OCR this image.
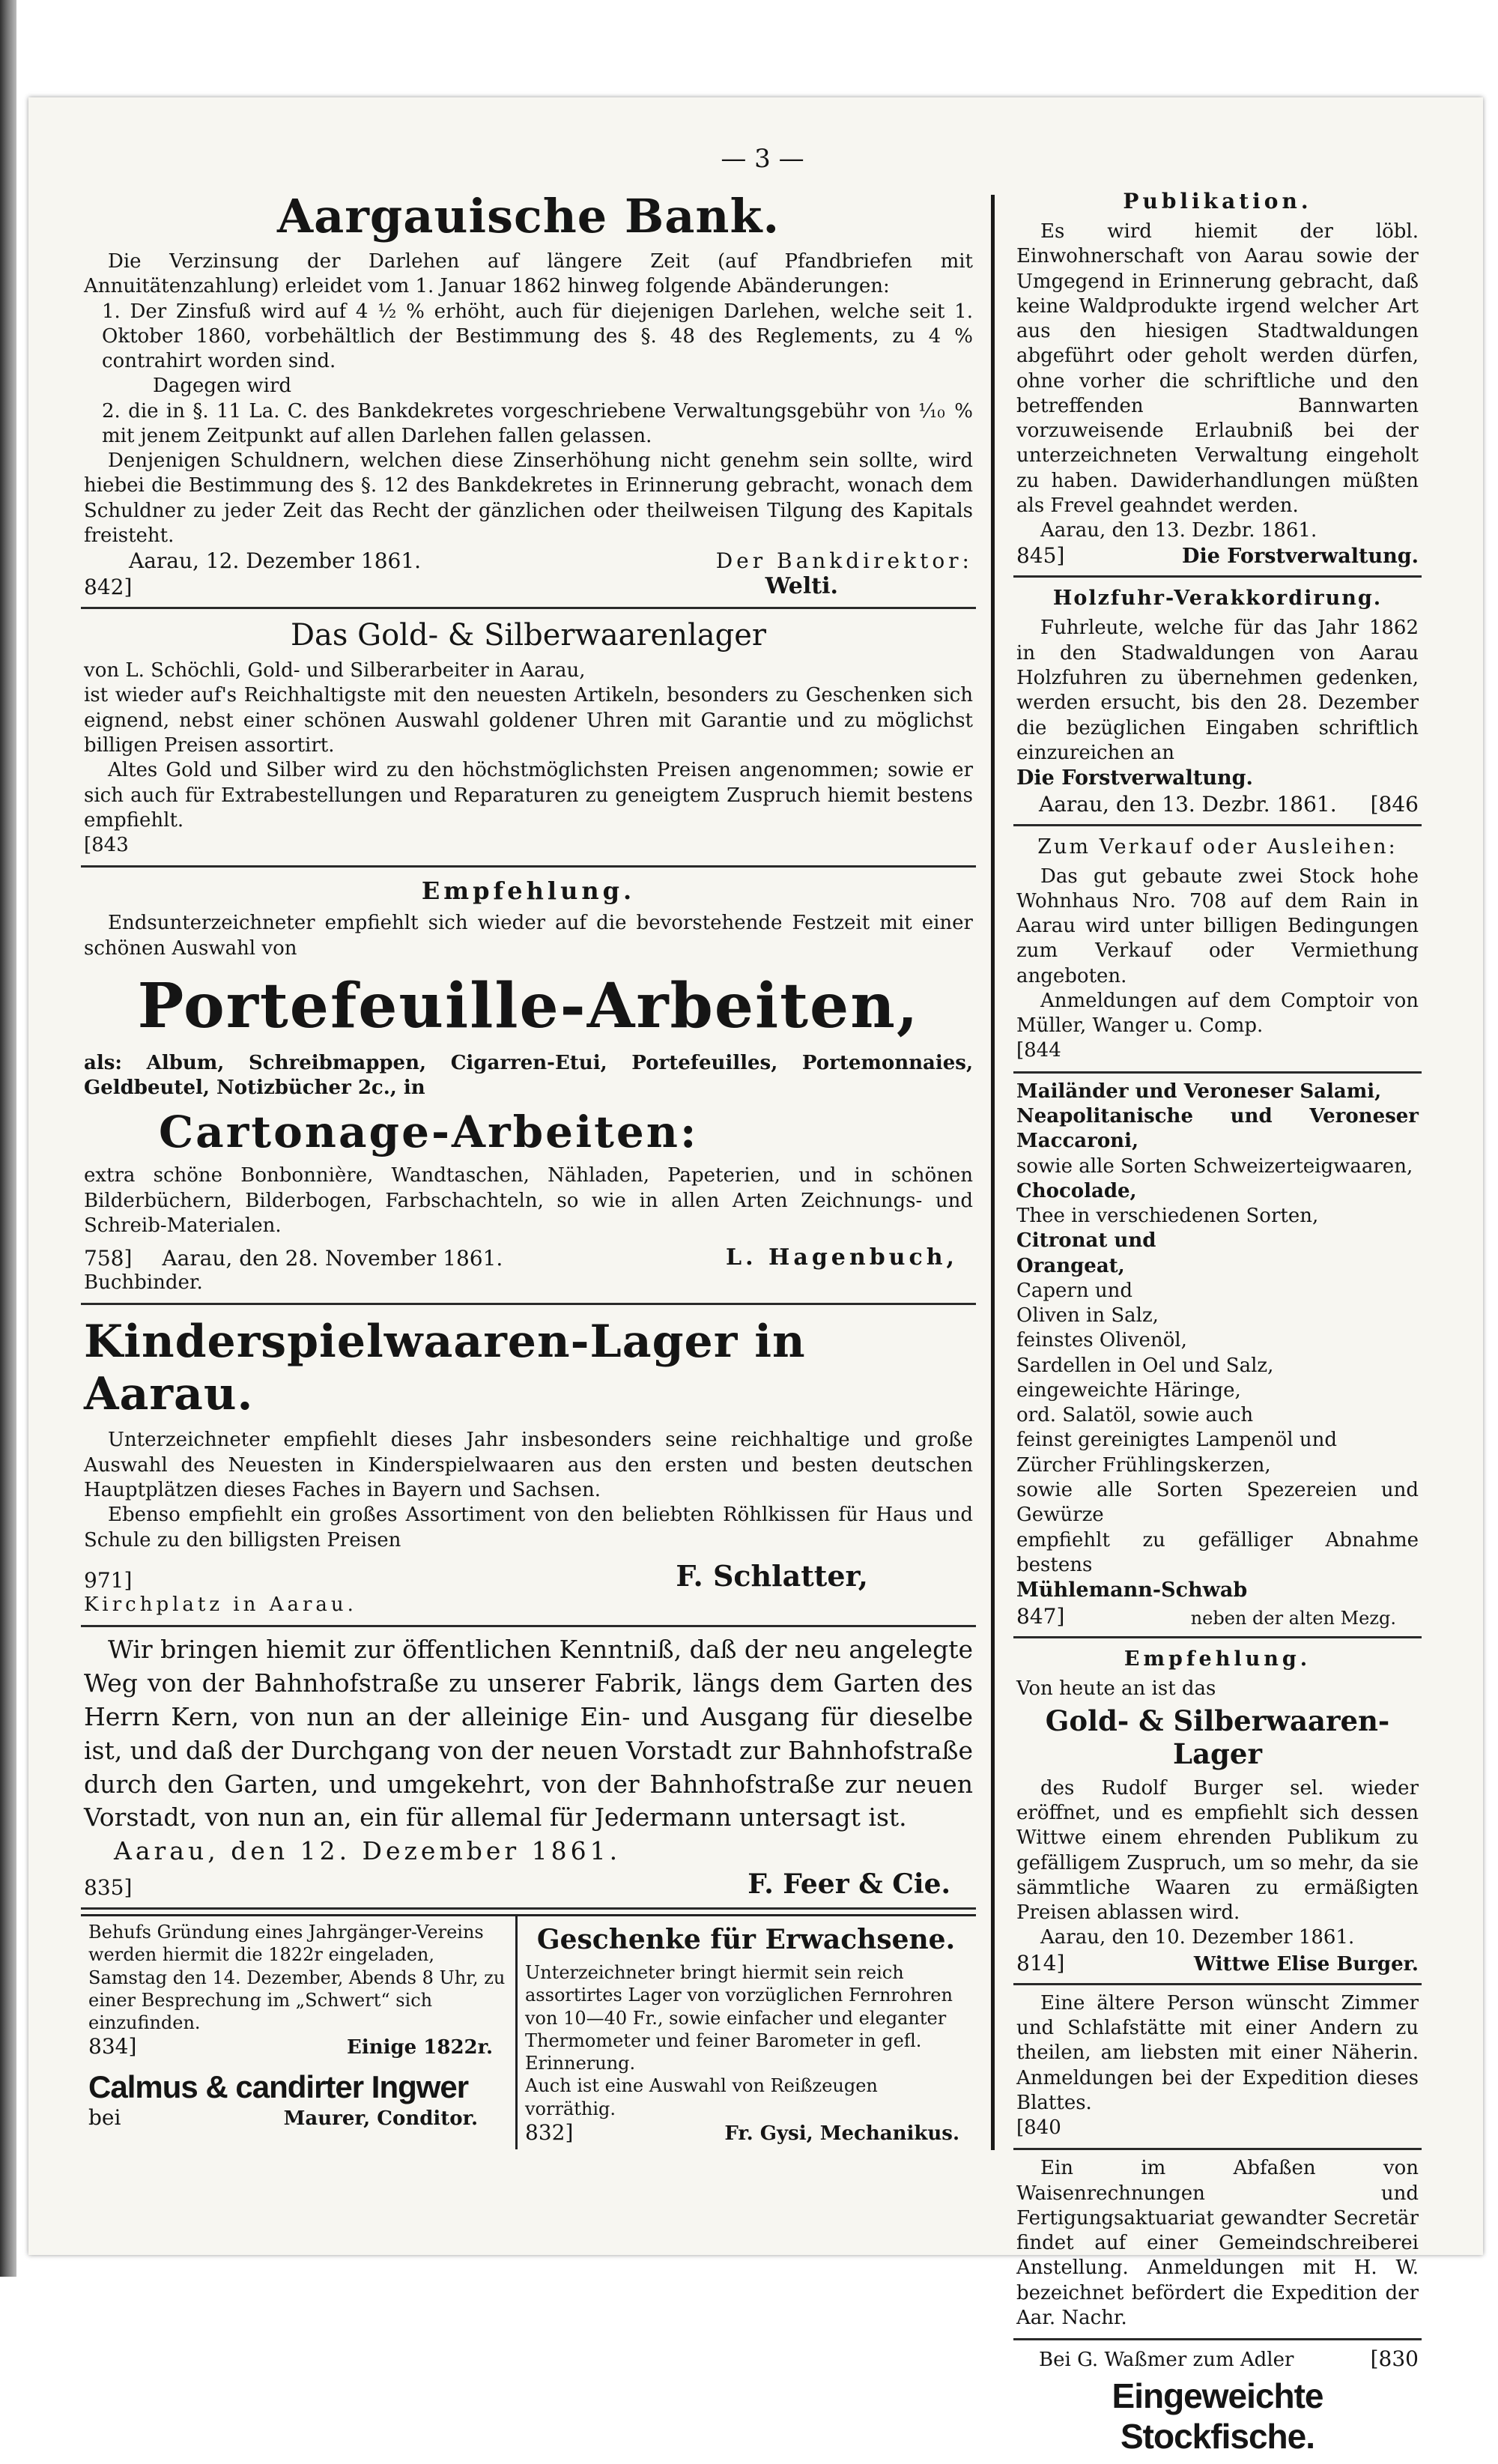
— 3 —
Aargauische Bank.

Die Verzinsung der Darlehen auf längere Zeit (auf Pfandbriefen mit Annuitätenzahlung) erleidet vom 1. Januar 1862 hinweg folgende Abänderungen:

1. Der Zinsfuß wird auf 4 ½ % erhöht, auch für diejenigen Darlehen, welche seit 1. Oktober 1860, vorbehältlich der Bestimmung des §. 48 des Reglements, zu 4 % contrahirt worden sind.

Dagegen wird

2. die in §. 11 La. C. des Bankdekretes vorgeschriebene Verwaltungsgebühr von ⅒ % mit jenem Zeitpunkt auf allen Darlehen fallen gelassen.

Denjenigen Schuldnern, welchen diese Zinserhöhung nicht genehm sein sollte, wird hiebei die Bestimmung des §. 12 des Bankdekretes in Erinnerung gebracht, wonach dem Schuldner zu jeder Zeit das Recht der gänzlichen oder theilweisen Tilgung des Kapitals freisteht.

Aarau, 12. Dezember 1861.	Der Bankdirektor:
842]	Welti.
Das Gold- & Silberwaarenlager

von L. Schöchli, Gold- und Silberarbeiter in Aarau,

ist wieder auf's Reichhaltigste mit den neuesten Artikeln, besonders zu Geschenken sich eignend, nebst einer schönen Auswahl goldener Uhren mit Garantie und zu möglichst billigen Preisen assortirt.

Altes Gold und Silber wird zu den höchstmöglichsten Preisen angenommen; sowie er sich auch für Extrabestellungen und Reparaturen zu geneigtem Zuspruch hiemit bestens empfiehlt.

[843

Empfehlung.

Endsunterzeichneter empfiehlt sich wieder auf die bevorstehende Festzeit mit einer schönen Auswahl von

Portefeuille-Arbeiten,

als: Album, Schreibmappen, Cigarren-Etui, Portefeuilles, Portemonnaies, Geldbeutel, Notizbücher 2c., in

Cartonage-Arbeiten:

extra schöne Bonbonnière, Wandtaschen, Nähladen, Papeterien, und in schönen Bilderbüchern, Bilderbogen, Farbschachteln, so wie in allen Arten Zeichnungs- und Schreib-Materialen.

758]	Aarau, den 28. November 1861.	L. Hagenbuch,

Buchbinder.

Kinderspielwaaren-Lager in Aarau.

Unterzeichneter empfiehlt dieses Jahr insbesonders seine reichhaltige und große Auswahl des Neuesten in Kinderspielwaaren aus den ersten und besten deutschen Hauptplätzen dieses Faches in Bayern und Sachsen.

Ebenso empfiehlt ein großes Assortiment von den beliebten Röhlkissen für Haus und Schule zu den billigsten Preisen

971]	F. Schlatter,

Kirchplatz in Aarau.

Wir bringen hiemit zur öffentlichen Kenntniß, daß der neu angelegte Weg von der Bahnhofstraße zu unserer Fabrik, längs dem Garten des Herrn Kern, von nun an der alleinige Ein- und Ausgang für dieselbe ist, und daß der Durchgang von der neuen Vorstadt zur Bahnhofstraße durch den Garten, und umgekehrt, von der Bahnhofstraße zur neuen Vorstadt, von nun an, ein für allemal für Jedermann untersagt ist.

Aarau, den 12. Dezember 1861.

835]	F. Feer & Cie.

Behufs Gründung eines Jahrgänger-Vereins werden hiermit die 1822r eingeladen, Samstag den 14. Dezember, Abends 8 Uhr, zu einer Besprechung im „Schwert“ sich einzufinden.

834]	Einige 1822r.
Calmus & candirter Ingwer
bei	Maurer, Conditor.
Geschenke für Erwachsene.

Unterzeichneter bringt hiermit sein reich assortirtes Lager von vorzüglichen Fernrohren von 10—40 Fr., sowie einfacher und eleganter Thermometer und feiner Barometer in gefl. Erinnerung.

Auch ist eine Auswahl von Reißzeugen vorräthig.

832]	Fr. Gysi, Mechanikus.
Publikation.

Es wird hiemit der löbl. Einwohnerschaft von Aarau sowie der Umgegend in Erinnerung gebracht, daß keine Waldprodukte irgend welcher Art aus den hiesigen Stadtwaldungen abgeführt oder geholt werden dürfen, ohne vorher die schriftliche und den betreffenden Bannwarten vorzuweisende Erlaubniß bei der unterzeichneten Verwaltung eingeholt zu haben. Dawiderhandlungen müßten als Frevel geahndet werden.

Aarau, den 13. Dezbr. 1861.

845]	Die Forstverwaltung.
Holzfuhr-Verakkordirung.

Fuhrleute, welche für das Jahr 1862 in den Stadwaldungen von Aarau Holzfuhren zu übernehmen gedenken, werden ersucht, bis den 28. Dezember die bezüglichen Eingaben schriftlich einzureichen an

Die Forstverwaltung.

Aarau, den 13. Dezbr. 1861. [846
Zum Verkauf oder Ausleihen:

Das gut gebaute zwei Stock hohe Wohnhaus Nro. 708 auf dem Rain in Aarau wird unter billigen Bedingungen zum Verkauf oder Vermiethung angeboten.

Anmeldungen auf dem Comptoir von Müller, Wanger u. Comp.

[844

Mailänder und Veroneser Salami,

Neapolitanische und Veroneser Maccaroni,

sowie alle Sorten Schweizerteigwaaren,

Chocolade,

Thee in verschiedenen Sorten,

Citronat und

Orangeat,

Capern und

Oliven in Salz,

feinstes Olivenöl,

Sardellen in Oel und Salz,

eingeweichte Häringe,

ord. Salatöl, sowie auch

feinst gereinigtes Lampenöl und

Zürcher Frühlingskerzen,

sowie alle Sorten Spezereien und Gewürze

empfiehlt zu gefälliger Abnahme bestens

Mühlemann-Schwab

847]	neben der alten Mezg.
Empfehlung.

Von heute an ist das

Gold- & Silberwaaren-Lager

des Rudolf Burger sel. wieder eröffnet, und es empfiehlt sich dessen Wittwe einem ehrenden Publikum zu gefälligem Zuspruch, um so mehr, da sie sämmtliche Waaren zu ermäßigten Preisen ablassen wird.

Aarau, den 10. Dezember 1861.

814]	Wittwe Elise Burger.

Eine ältere Person wünscht Zimmer und Schlafstätte mit einer Andern zu theilen, am liebsten mit einer Näherin. Anmeldungen bei der Expedition dieses Blattes.

[840

Ein im Abfaßen von Waisenrechnungen und Fertigungsaktuariat gewandter Secretär findet auf einer Gemeindschreiberei Anstellung. Anmeldungen mit H. W. bezeichnet befördert die Expedition der Aar. Nachr.

Bei G. Waßmer zum Adler	[830
Eingeweichte Stockfische.
